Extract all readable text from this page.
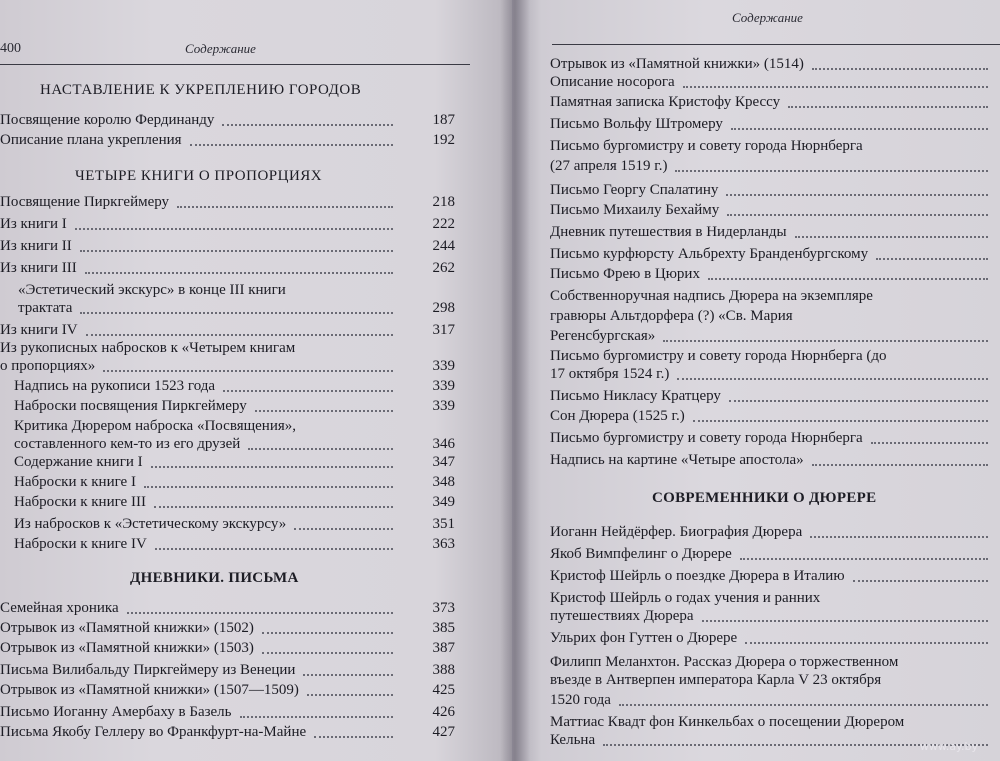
400	Содержание
НАСТАВЛЕНИЕ К УКРЕПЛЕНИЮ ГОРОДОВ
Посвящение королю Фердинанду	187
Описание плана укрепления	192
ЧЕТЫРЕ КНИГИ О ПРОПОРЦИЯХ
Посвящение Пиркгеймеру	218
Из книги I	222
Из книги II	244
Из книги III	262
«Эстетический экскурс» в конце III книги
трактата	298
Из книги IV	317
Из рукописных набросков к «Четырем книгам
о пропорциях»	339
Надпись на рукописи 1523 года	339
Наброски посвящения Пиркгеймеру	339
Критика Дюрером наброска «Посвящения»,
составленного кем-то из его друзей	346
Содержание книги I	347
Наброски к книге I	348
Наброски к книге III	349
Из набросков к «Эстетическому экскурсу»	351
Наброски к книге IV	363
ДНЕВНИКИ. ПИСЬМА
Семейная хроника	373
Отрывок из «Памятной книжки» (1502)	385
Отрывок из «Памятной книжки» (1503)	387
Письма Вилибальду Пиркгеймеру из Венеции	388
Отрывок из «Памятной книжки» (1507—1509)	425
Письмо Иоганну Амербаху в Базель	426
Письма Якобу Геллеру во Франкфурт-на-Майне	427
Содержание
Отрывок из «Памятной книжки» (1514)
Описание носорога
Памятная записка Кристофу Крессу
Письмо Вольфу Штромеру
Письмо бургомистру и совету города Нюрнберга
(27 апреля 1519 г.)
Письмо Георгу Спалатину
Письмо Михаилу Бехайму
Дневник путешествия в Нидерланды
Письмо курфюрсту Альбрехту Бранденбургскому
Письмо Фрею в Цюрих
Собственноручная надпись Дюрера на экземпляре
гравюры Альтдорфера (?) «Св. Мария
Регенсбургская»
Письмо бургомистру и совету города Нюрнберга (до
17 октября 1524 г.)
Письмо Никласу Кратцеру
Сон Дюрера (1525 г.)
Письмо бургомистру и совету города Нюрнберга
Надпись на картине «Четыре апостола»
СОВРЕМЕННИКИ О ДЮРЕРЕ
Иоганн Нейдёрфер. Биография Дюрера
Якоб Вимпфелинг о Дюрере
Кристоф Шейрль о поездке Дюрера в Италию
Кристоф Шейрль о годах учения и ранних
путешествиях Дюрера
Ульрих фон Гуттен о Дюрере
Филипп Меланхтон. Рассказ Дюрера о торжественном
въезде в Антверпен императора Карла V 23 октября
1520 года
Маттиас Квадт фон Кинкельбах о посещении Дюрером
Кельна	www.ay.by
